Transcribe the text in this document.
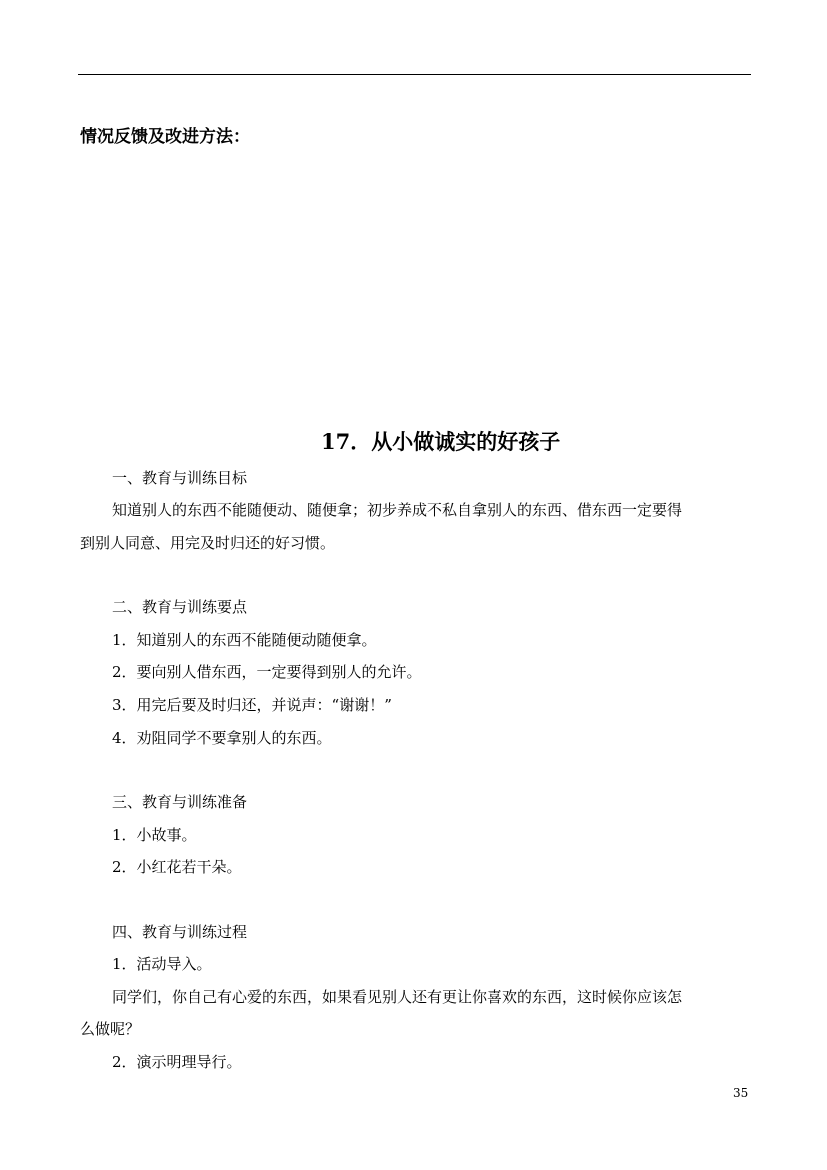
情况反馈及改进方法：
17．从小做诚实的好孩子
一、教育与训练目标
知道别人的东西不能随便动、随便拿；初步养成不私自拿别人的东西、借东西一定要得
到别人同意、用完及时归还的好习惯。
二、教育与训练要点
1．知道别人的东西不能随便动随便拿。
2．要向别人借东西，一定要得到别人的允许。
3．用完后要及时归还，并说声：“谢谢！”
4．劝阻同学不要拿别人的东西。
三、教育与训练准备
1．小故事。
2．小红花若干朵。
四、教育与训练过程
1．活动导入。
同学们，你自己有心爱的东西，如果看见别人还有更让你喜欢的东西，这时候你应该怎
么做呢？
2．演示明理导行。
35
